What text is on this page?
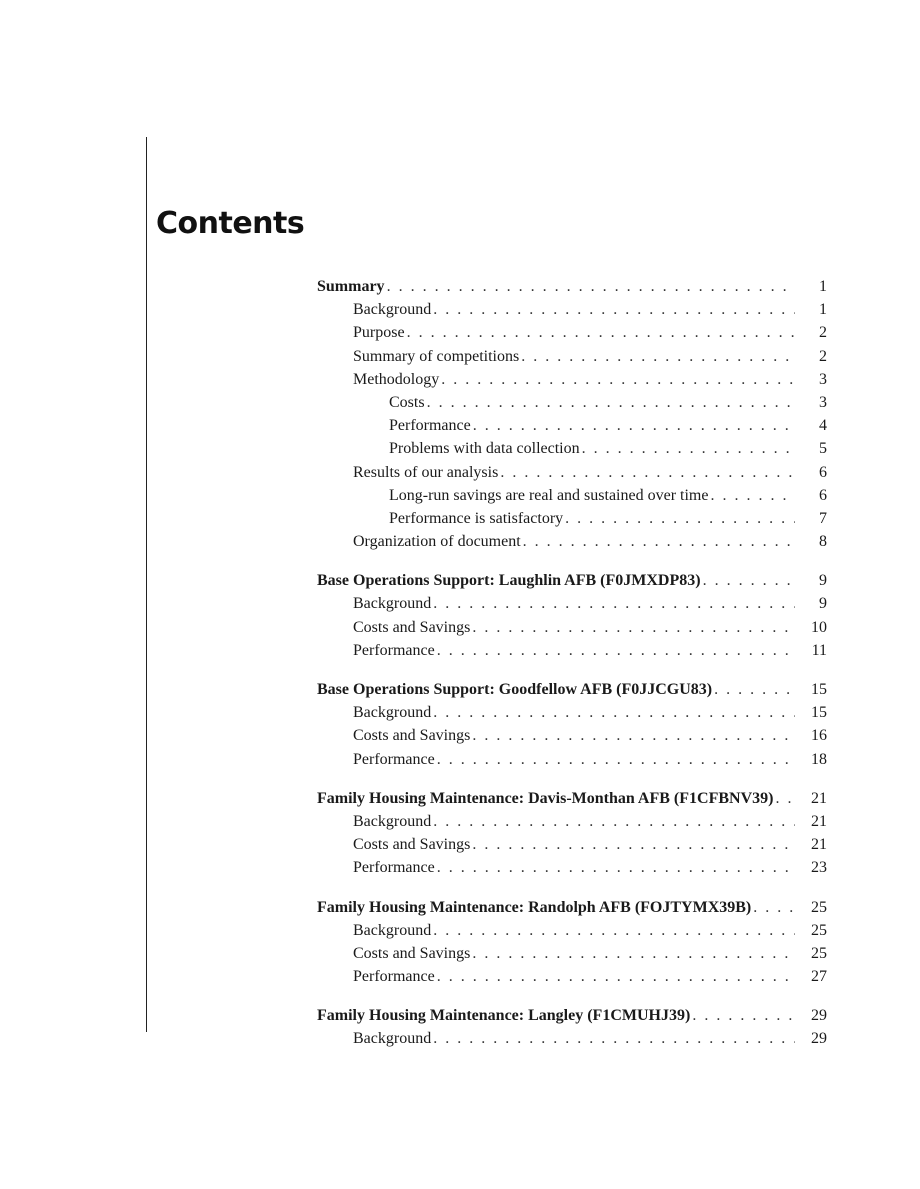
Contents
Summary . . .	1
Background . . .	1
Purpose . . .	2
Summary of competitions . . .	2
Methodology . . .	3
Costs . . .	3
Performance . . .	4
Problems with data collection . . .	5
Results of our analysis . . .	6
Long-run savings are real and sustained over time . . .	6
Performance is satisfactory . . .	7
Organization of document . . .	8
Base Operations Support: Laughlin AFB (F0JMXDP83) . . .	9
Background . . .	9
Costs and Savings . . .	10
Performance . . .	11
Base Operations Support: Goodfellow AFB (F0JJCGU83) . . .	15
Background . . .	15
Costs and Savings . . .	16
Performance . . .	18
Family Housing Maintenance: Davis-Monthan AFB (F1CFBNV39) . . .	21
Background . . .	21
Costs and Savings . . .	21
Performance . . .	23
Family Housing Maintenance: Randolph AFB (FOJTYMX39B) . . .	25
Background . . .	25
Costs and Savings . . .	25
Performance . . .	27
Family Housing Maintenance: Langley (F1CMUHJ39) . . .	29
Background . . .	29
